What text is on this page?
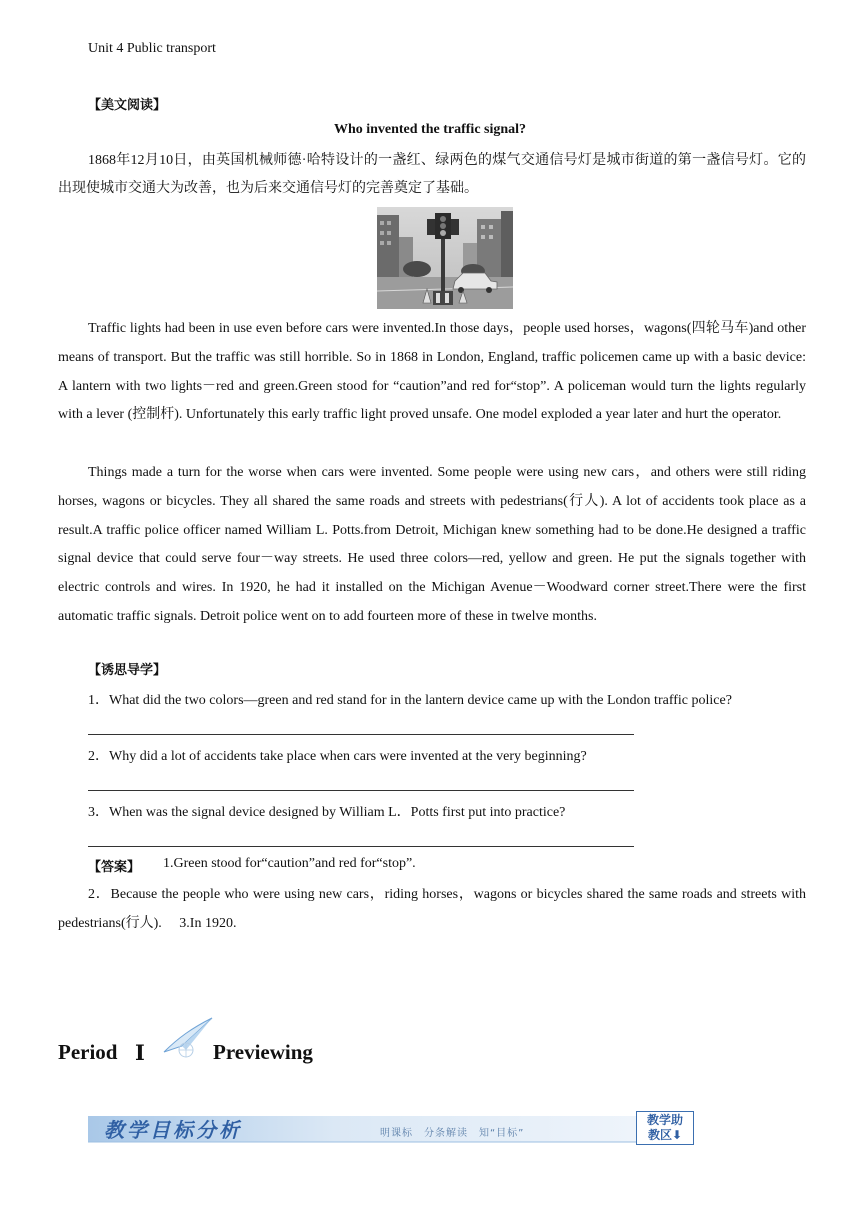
Unit 4 Public transport
【美文阅读】
Who invented the traffic signal?
1868年12月10日，由英国机械师德·哈特设计的一盏红、绿两色的煤气交通信号灯是城市街道的第一盏信号灯。它的出现使城市交通大为改善，也为后来交通信号灯的完善奠定了基础。
Traffic lights had been in use even before cars were invented.In those days，people used horses，wagons(四轮马车)and other means of transport. But the traffic was still horrible. So in 1868 in London, England, traffic policemen came up with a basic device: A lantern with two lights－red and green.Green stood for “caution”and red for“stop”. A policeman would turn the lights regularly with a lever (控制杆). Unfortunately this early traffic light proved unsafe. One model exploded a year later and hurt the operator.
Things made a turn for the worse when cars were invented. Some people were using new cars，and others were still riding horses, wagons or bicycles. They all shared the same roads and streets with pedestrians(行人). A lot of accidents took place as a result.A traffic police officer named William L. Potts.from Detroit, Michigan knew something had to be done.He designed a traffic signal device that could serve four－way streets. He used three colors—red, yellow and green. He put the signals together with electric controls and wires. In 1920, he had it installed on the Michigan Avenue－Woodward corner street.There were the first automatic traffic signals. Detroit police went on to add fourteen more of these in twelve months.
【诱思导学】
1．What did the two colors—green and red stand for in the lantern device came up with the London traffic police?
2．Why did a lot of accidents take place when cars were invented at the very beginning?
3．When was the signal device designed by William L．Potts first put into practice?
【答案】 1.Green stood for“caution”and red for“stop”.
2．Because the people who were using new cars，riding horses，wagons or bicycles shared the same roads and streets with pedestrians(行人).　 3.In 1920.
Period Ⅰ	Previewing
教学目标分析	明课标　分条解读　知“目标”
教学助
教区⬇
